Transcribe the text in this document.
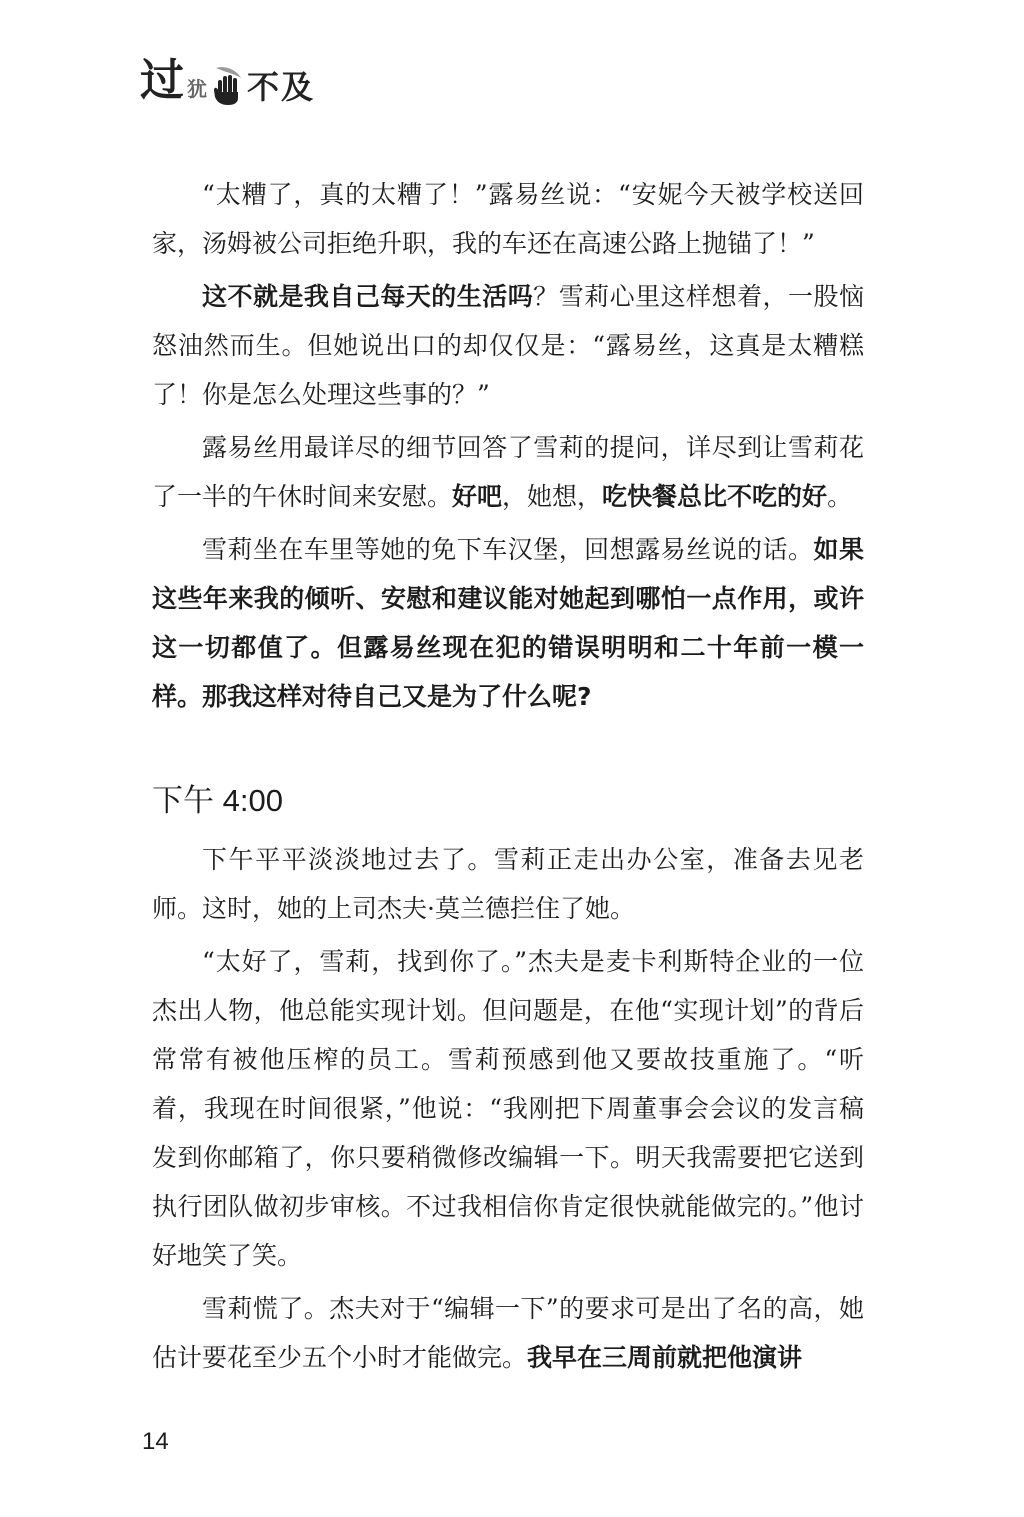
过 犹 不及

“太糟了，真的太糟了！”露易丝说：“安妮今天被学校送回家，汤姆被公司拒绝升职，我的车还在高速公路上抛锚了！”

这不就是我自己每天的生活吗？雪莉心里这样想着，一股恼怒油然而生。但她说出口的却仅仅是：“露易丝，这真是太糟糕了！你是怎么处理这些事的？”

露易丝用最详尽的细节回答了雪莉的提问，详尽到让雪莉花了一半的午休时间来安慰。好吧，她想，吃快餐总比不吃的好。

雪莉坐在车里等她的免下车汉堡，回想露易丝说的话。如果这些年来我的倾听、安慰和建议能对她起到哪怕一点作用，或许这一切都值了。但露易丝现在犯的错误明明和二十年前一模一样。那我这样对待自己又是为了什么呢?

下午 4:00

下午平平淡淡地过去了。雪莉正走出办公室，准备去见老师。这时，她的上司杰夫·莫兰德拦住了她。

“太好了，雪莉，找到你了。”杰夫是麦卡利斯特企业的一位杰出人物，他总能实现计划。但问题是，在他“实现计划”的背后常常有被他压榨的员工。雪莉预感到他又要故技重施了。“听着，我现在时间很紧，”他说：“我刚把下周董事会会议的发言稿发到你邮箱了，你只要稍微修改编辑一下。明天我需要把它送到执行团队做初步审核。不过我相信你肯定很快就能做完的。”他讨好地笑了笑。

雪莉慌了。杰夫对于“编辑一下”的要求可是出了名的高，她估计要花至少五个小时才能做完。我早在三周前就把他演讲

14
